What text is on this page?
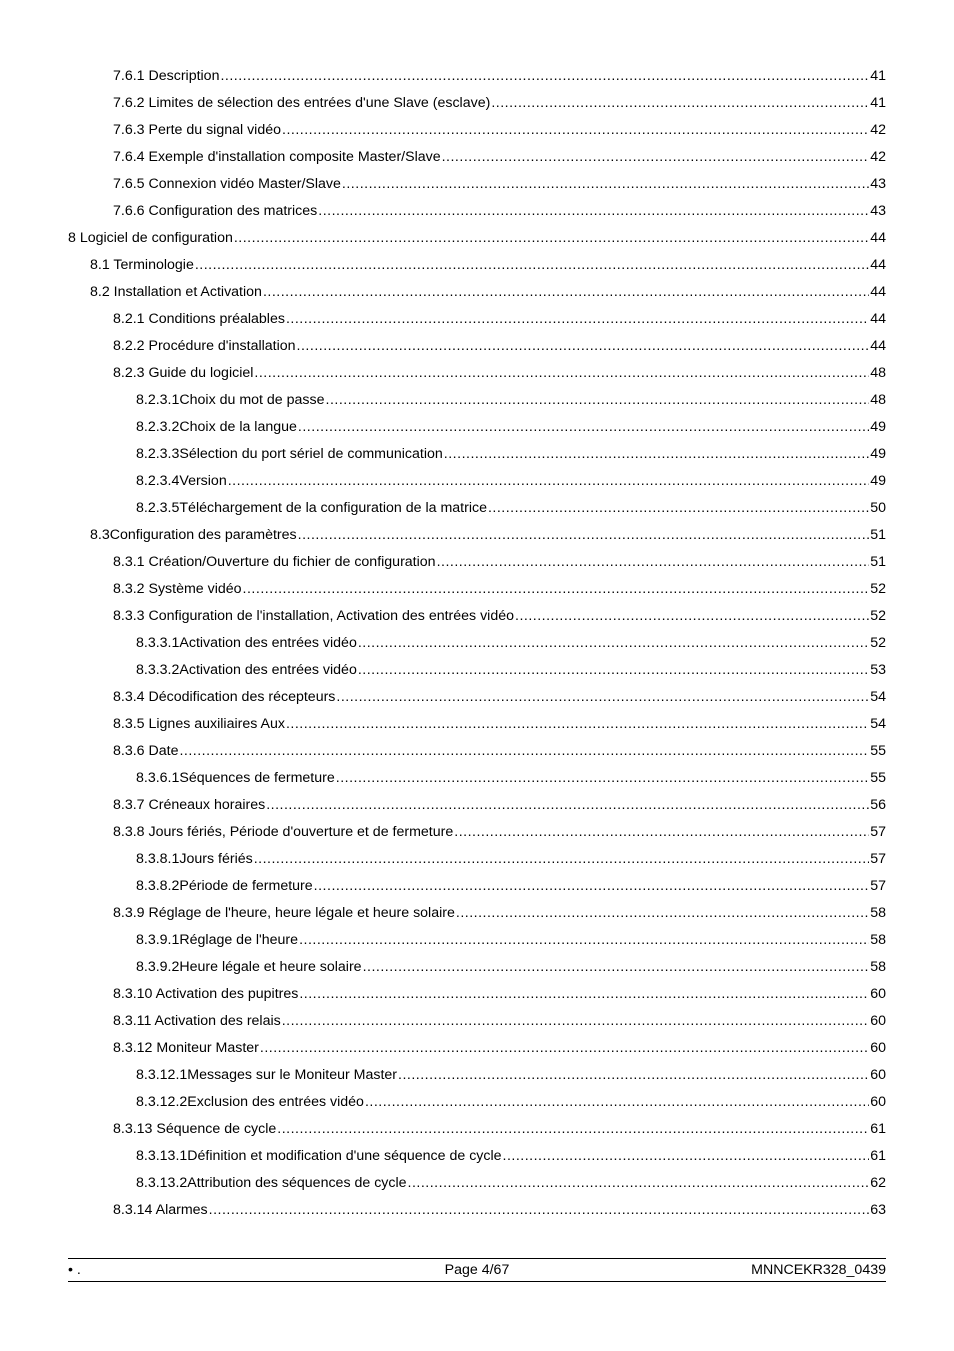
7.6.1 Description .....	41
7.6.2 Limites de sélection des entrées d'une Slave (esclave) .....	41
7.6.3 Perte du signal vidéo .....	42
7.6.4 Exemple d'installation composite Master/Slave .....	42
7.6.5 Connexion vidéo Master/Slave .....	43
7.6.6 Configuration des matrices .....	43
8 Logiciel de configuration .....	44
8.1 Terminologie .....	44
8.2 Installation et Activation .....	44
8.2.1 Conditions préalables .....	44
8.2.2 Procédure d'installation .....	44
8.2.3 Guide du logiciel .....	48
8.2.3.1Choix du mot de passe .....	48
8.2.3.2Choix de la langue .....	49
8.2.3.3Sélection du port sériel de communication .....	49
8.2.3.4Version .....	49
8.2.3.5Téléchargement de la configuration de la matrice .....	50
8.3Configuration des paramètres .....	51
8.3.1 Création/Ouverture du fichier de configuration .....	51
8.3.2 Système vidéo .....	52
8.3.3 Configuration de l'installation, Activation des entrées vidéo .....	52
8.3.3.1Activation des entrées vidéo .....	52
8.3.3.2Activation des entrées vidéo .....	53
8.3.4 Décodification des récepteurs .....	54
8.3.5 Lignes auxiliaires Aux .....	54
8.3.6 Date .....	55
8.3.6.1Séquences de fermeture .....	55
8.3.7 Créneaux horaires .....	56
8.3.8 Jours fériés, Période d'ouverture et de fermeture .....	57
8.3.8.1Jours fériés .....	57
8.3.8.2Période de fermeture .....	57
8.3.9 Réglage de l'heure, heure légale et heure solaire .....	58
8.3.9.1Réglage de l'heure .....	58
8.3.9.2Heure légale et heure solaire .....	58
8.3.10 Activation des pupitres .....	60
8.3.11 Activation des relais .....	60
8.3.12 Moniteur Master .....	60
8.3.12.1Messages sur le Moniteur Master .....	60
8.3.12.2Exclusion des entrées vidéo .....	60
8.3.13 Séquence de cycle .....	61
8.3.13.1Définition et modification d'une séquence de cycle .....	61
8.3.13.2Attribution des séquences de cycle .....	62
8.3.14 Alarmes .....	63
• .	Page 4/67	MNNCEKR328_0439
